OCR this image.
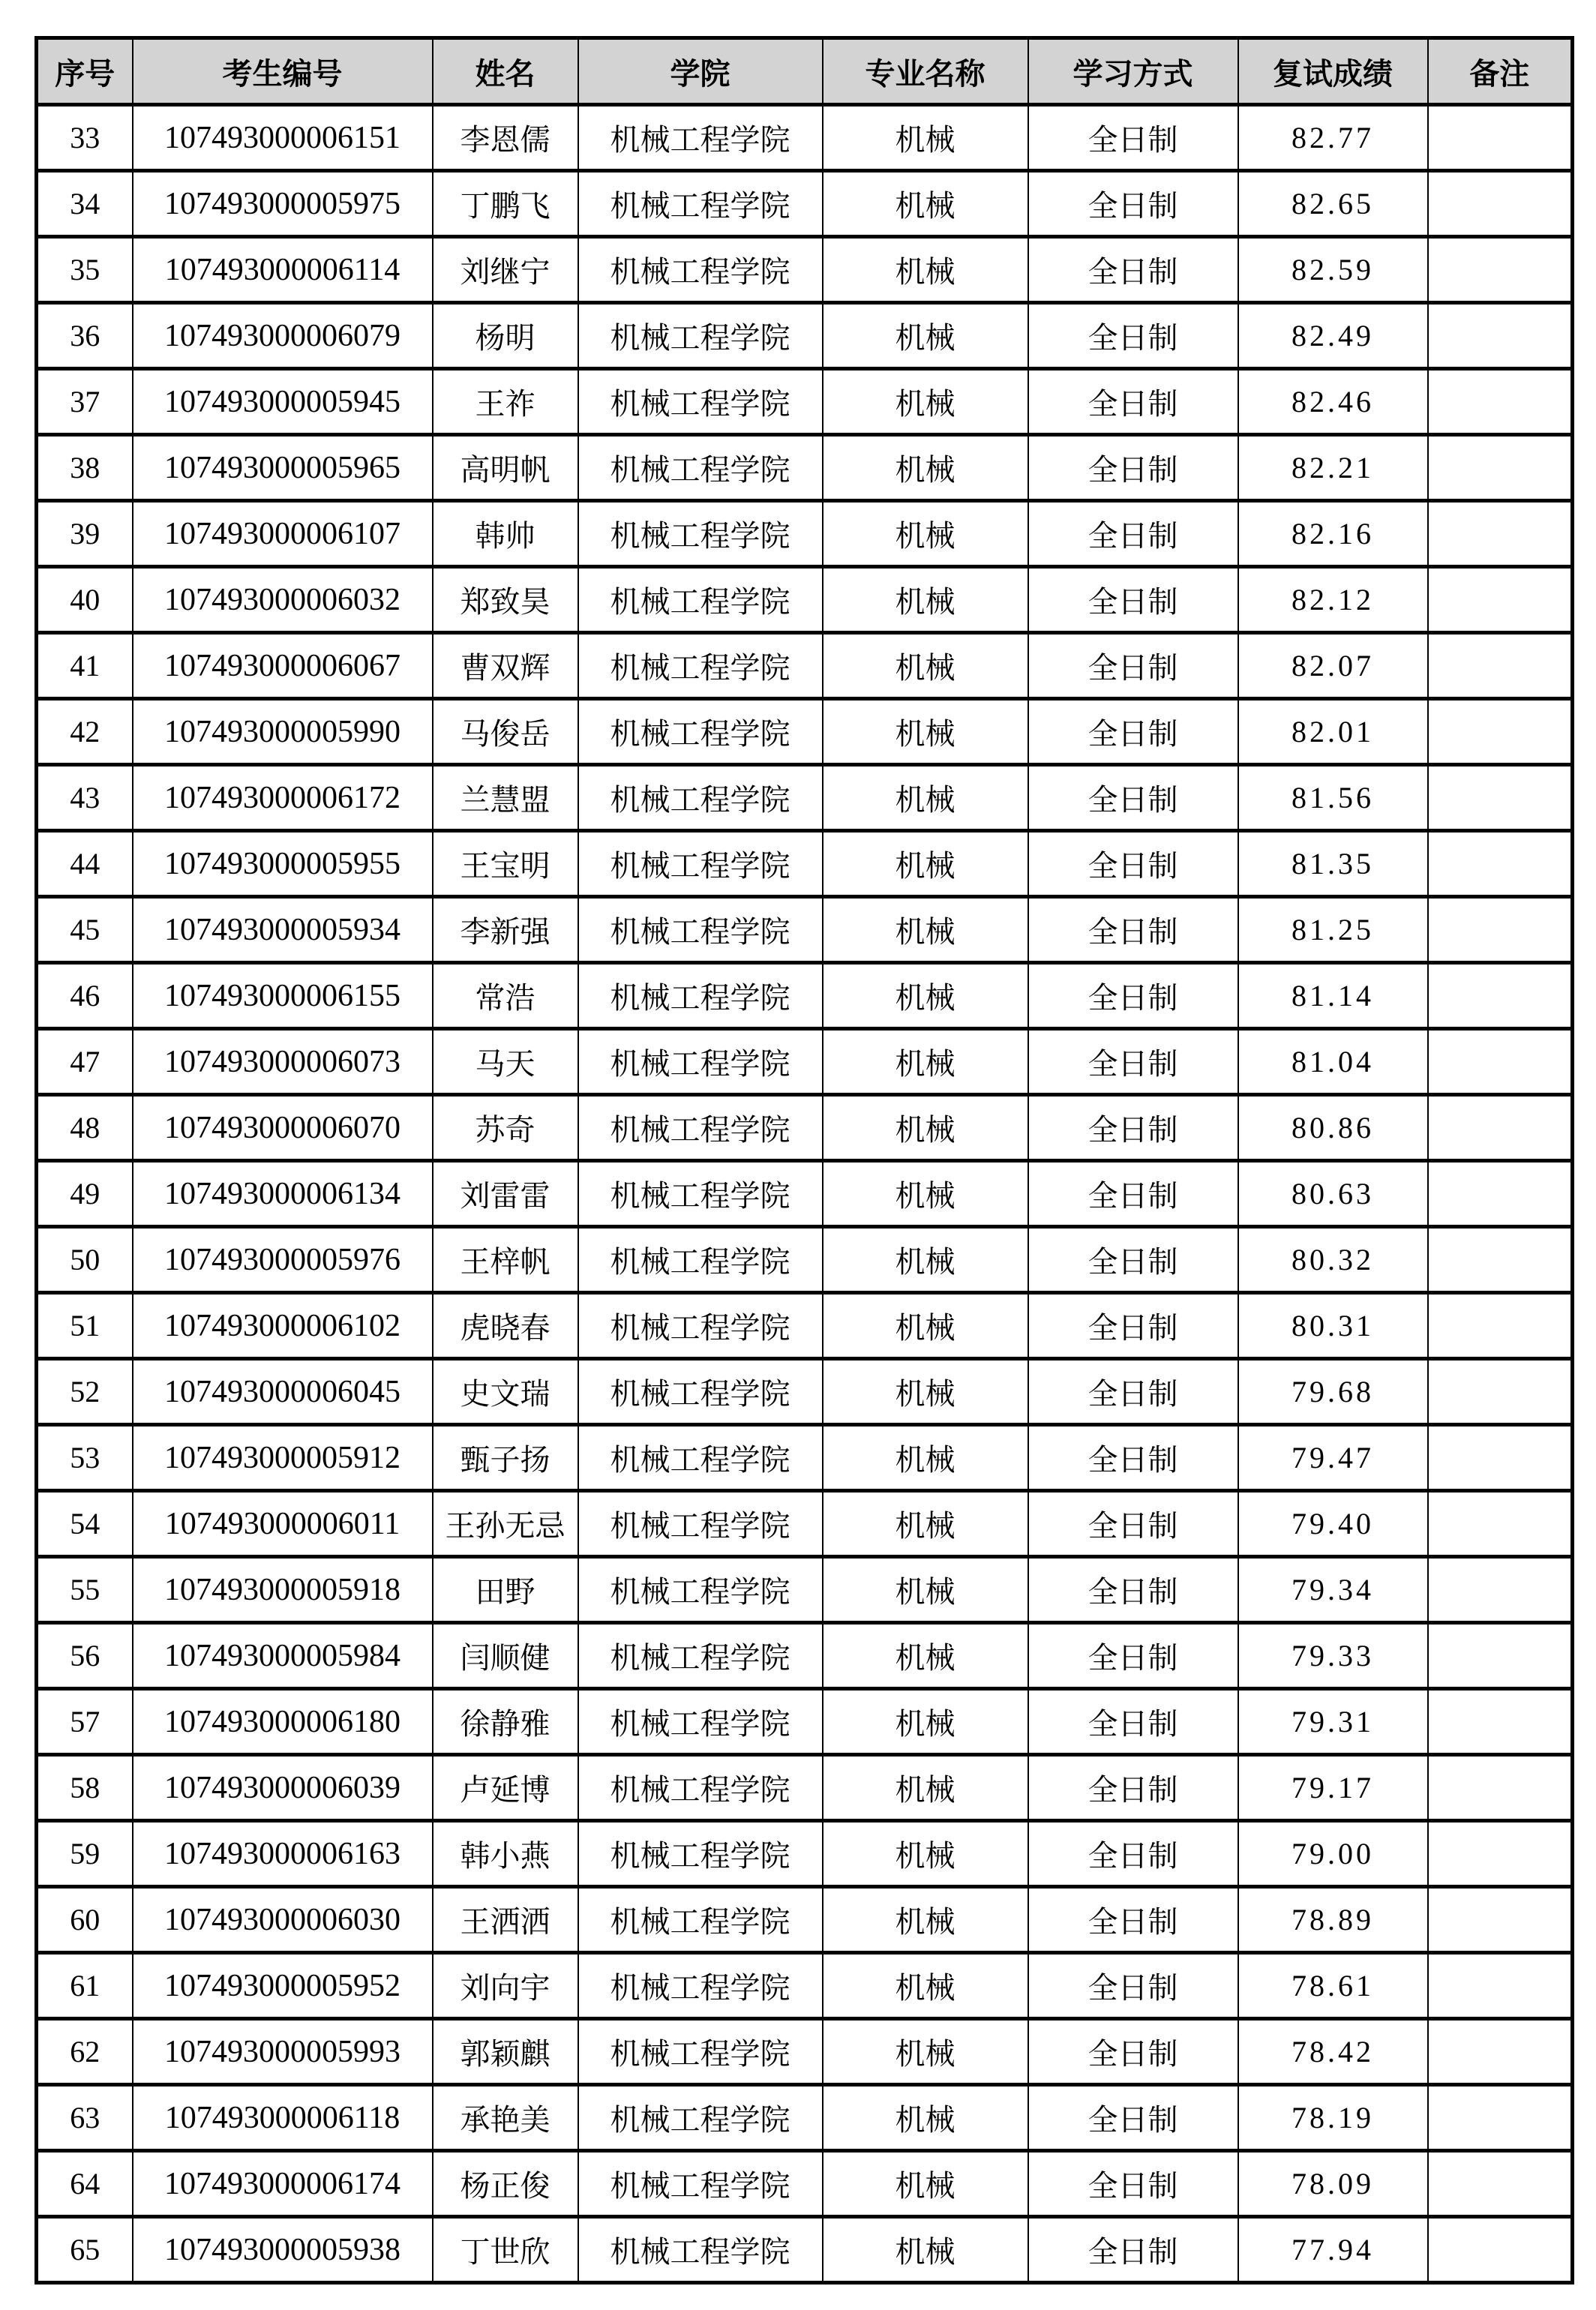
序号	考生编号	姓名	学院	专业名称	学习方式	复试成绩	备注
33	107493000006151	李恩儒	机械工程学院	机械	全日制	82.77	
34	107493000005975	丁鹏飞	机械工程学院	机械	全日制	82.65	
35	107493000006114	刘继宁	机械工程学院	机械	全日制	82.59	
36	107493000006079	杨明	机械工程学院	机械	全日制	82.49	
37	107493000005945	王祚	机械工程学院	机械	全日制	82.46	
38	107493000005965	高明帆	机械工程学院	机械	全日制	82.21	
39	107493000006107	韩帅	机械工程学院	机械	全日制	82.16	
40	107493000006032	郑致昊	机械工程学院	机械	全日制	82.12	
41	107493000006067	曹双辉	机械工程学院	机械	全日制	82.07	
42	107493000005990	马俊岳	机械工程学院	机械	全日制	82.01	
43	107493000006172	兰慧盟	机械工程学院	机械	全日制	81.56	
44	107493000005955	王宝明	机械工程学院	机械	全日制	81.35	
45	107493000005934	李新强	机械工程学院	机械	全日制	81.25	
46	107493000006155	常浩	机械工程学院	机械	全日制	81.14	
47	107493000006073	马天	机械工程学院	机械	全日制	81.04	
48	107493000006070	苏奇	机械工程学院	机械	全日制	80.86	
49	107493000006134	刘雷雷	机械工程学院	机械	全日制	80.63	
50	107493000005976	王梓帆	机械工程学院	机械	全日制	80.32	
51	107493000006102	虎晓春	机械工程学院	机械	全日制	80.31	
52	107493000006045	史文瑞	机械工程学院	机械	全日制	79.68	
53	107493000005912	甄子扬	机械工程学院	机械	全日制	79.47	
54	107493000006011	王孙无忌	机械工程学院	机械	全日制	79.40	
55	107493000005918	田野	机械工程学院	机械	全日制	79.34	
56	107493000005984	闫顺健	机械工程学院	机械	全日制	79.33	
57	107493000006180	徐静雅	机械工程学院	机械	全日制	79.31	
58	107493000006039	卢延博	机械工程学院	机械	全日制	79.17	
59	107493000006163	韩小燕	机械工程学院	机械	全日制	79.00	
60	107493000006030	王洒洒	机械工程学院	机械	全日制	78.89	
61	107493000005952	刘向宇	机械工程学院	机械	全日制	78.61	
62	107493000005993	郭颖麒	机械工程学院	机械	全日制	78.42	
63	107493000006118	承艳美	机械工程学院	机械	全日制	78.19	
64	107493000006174	杨正俊	机械工程学院	机械	全日制	78.09	
65	107493000005938	丁世欣	机械工程学院	机械	全日制	77.94	
